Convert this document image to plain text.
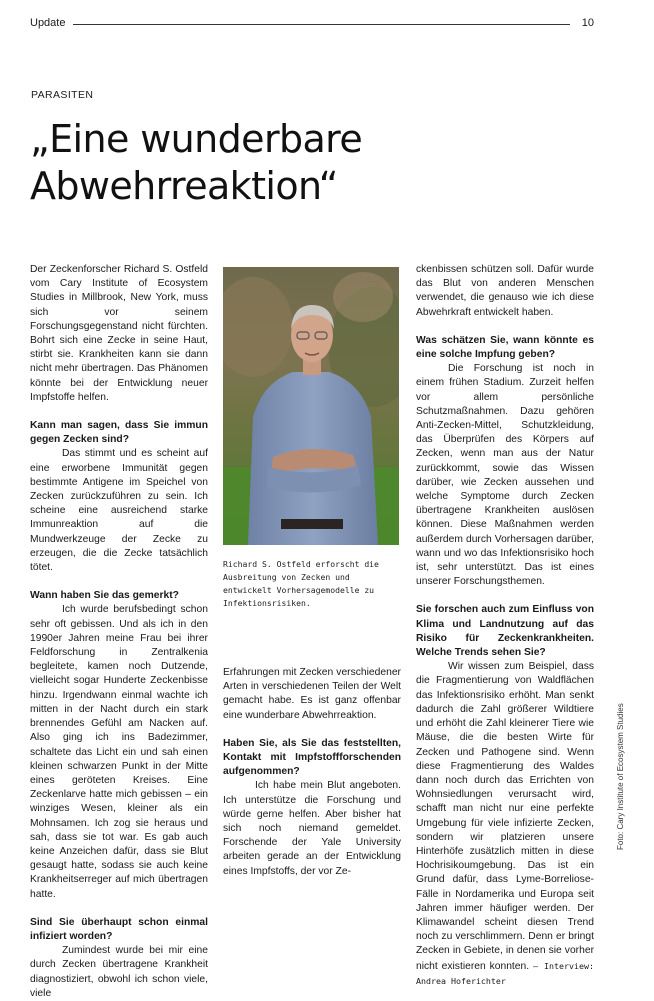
Update	10
PARASITEN
„Eine wunderbare Abwehrreaktion“

Der Zeckenforscher Richard S. Ostfeld vom Cary Institute of Ecosystem Studies in Millbrook, New York, muss sich vor seinem Forschungsgegenstand nicht fürchten. Bohrt sich eine Zecke in seine Haut, stirbt sie. Krankheiten kann sie dann nicht mehr übertragen. Das Phänomen könnte bei der Entwicklung neuer Impfstoffe helfen.

Kann man sagen, dass Sie immun gegen Zecken sind?

Das stimmt und es scheint auf eine erworbene Immunität gegen bestimmte Antigene im Speichel von Zecken zurückzuführen zu sein. Ich scheine eine ausreichend starke Immunreaktion auf die Mundwerkzeuge der Zecke zu erzeugen, die die Zecke tatsächlich tötet.

Wann haben Sie das gemerkt?

Ich wurde berufsbedingt schon sehr oft gebissen. Und als ich in den 1990er Jahren meine Frau bei ihrer Feldforschung in Zentralkenia begleitete, kamen noch Dutzende, vielleicht sogar Hunderte Zeckenbisse hinzu. Irgendwann einmal wachte ich mitten in der Nacht durch ein stark brennendes Gefühl am Nacken auf. Also ging ich ins Badezimmer, schaltete das Licht ein und sah einen kleinen schwarzen Punkt in der Mitte eines geröteten Kreises. Eine Zeckenlarve hatte mich gebissen – ein winziges Wesen, kleiner als ein Mohnsamen. Ich zog sie heraus und sah, dass sie tot war. Es gab auch keine Anzeichen dafür, dass sie Blut gesaugt hatte, sodass sie auch keine Krankheitserreger auf mich übertragen hatte.

Sind Sie überhaupt schon einmal infiziert worden?

Zumindest wurde bei mir eine durch Zecken übertragene Krankheit diagnostiziert, obwohl ich schon viele, viele

Richard S. Ostfeld erforscht die Ausbreitung von Zecken und entwickelt Vorhersagemodelle zu Infektionsrisiken.

Erfahrungen mit Zecken verschiedener Arten in verschiedenen Teilen der Welt gemacht habe. Es ist ganz offenbar eine wunderbare Abwehrreaktion.

Haben Sie, als Sie das feststellten, Kontakt mit Impfstoffforschenden aufgenommen?

Ich habe mein Blut angeboten. Ich unterstütze die Forschung und würde gerne helfen. Aber bisher hat sich noch niemand gemeldet. Forschende der Yale University arbeiten gerade an der Entwicklung eines Impfstoffs, der vor Ze-

ckenbissen schützen soll. Dafür wurde das Blut von anderen Menschen verwendet, die genauso wie ich diese Abwehrkraft entwickelt haben.

Was schätzen Sie, wann könnte es eine solche Impfung geben?

Die Forschung ist noch in einem frühen Stadium. Zurzeit helfen vor allem persönliche Schutzmaßnahmen. Dazu gehören Anti-Zecken-Mittel, Schutzkleidung, das Überprüfen des Körpers auf Zecken, wenn man aus der Natur zurückkommt, sowie das Wissen darüber, wie Zecken aussehen und welche Symptome durch Zecken übertragene Krankheiten auslösen können. Diese Maßnahmen werden außerdem durch Vorhersagen darüber, wann und wo das Infektionsrisiko hoch ist, sehr unterstützt. Das ist eines unserer Forschungsthemen.

Sie forschen auch zum Einfluss von Klima und Landnutzung auf das Risiko für Zeckenkrankheiten. Welche Trends sehen Sie?

Wir wissen zum Beispiel, dass die Fragmentierung von Waldflächen das Infektionsrisiko erhöht. Man senkt dadurch die Zahl größerer Wildtiere und erhöht die Zahl kleinerer Tiere wie Mäuse, die die besten Wirte für Zecken und Pathogene sind. Wenn diese Fragmentierung des Waldes dann noch durch das Errichten von Wohnsiedlungen verursacht wird, schafft man nicht nur eine perfekte Umgebung für viele infizierte Zecken, sondern wir platzieren unsere Hinterhöfe zusätzlich mitten in diese Hochrisikoumgebung. Das ist ein Grund dafür, dass Lyme-Borreliose-Fälle in Nordamerika und Europa seit Jahren immer häufiger werden. Der Klimawandel scheint diesen Trend noch zu verschlimmern. Denn er bringt Zecken in Gebiete, in denen sie vorher nicht existieren konnten. – Interview: Andrea Hoferichter

Foto: Cary Institute of Ecosystem Studies
